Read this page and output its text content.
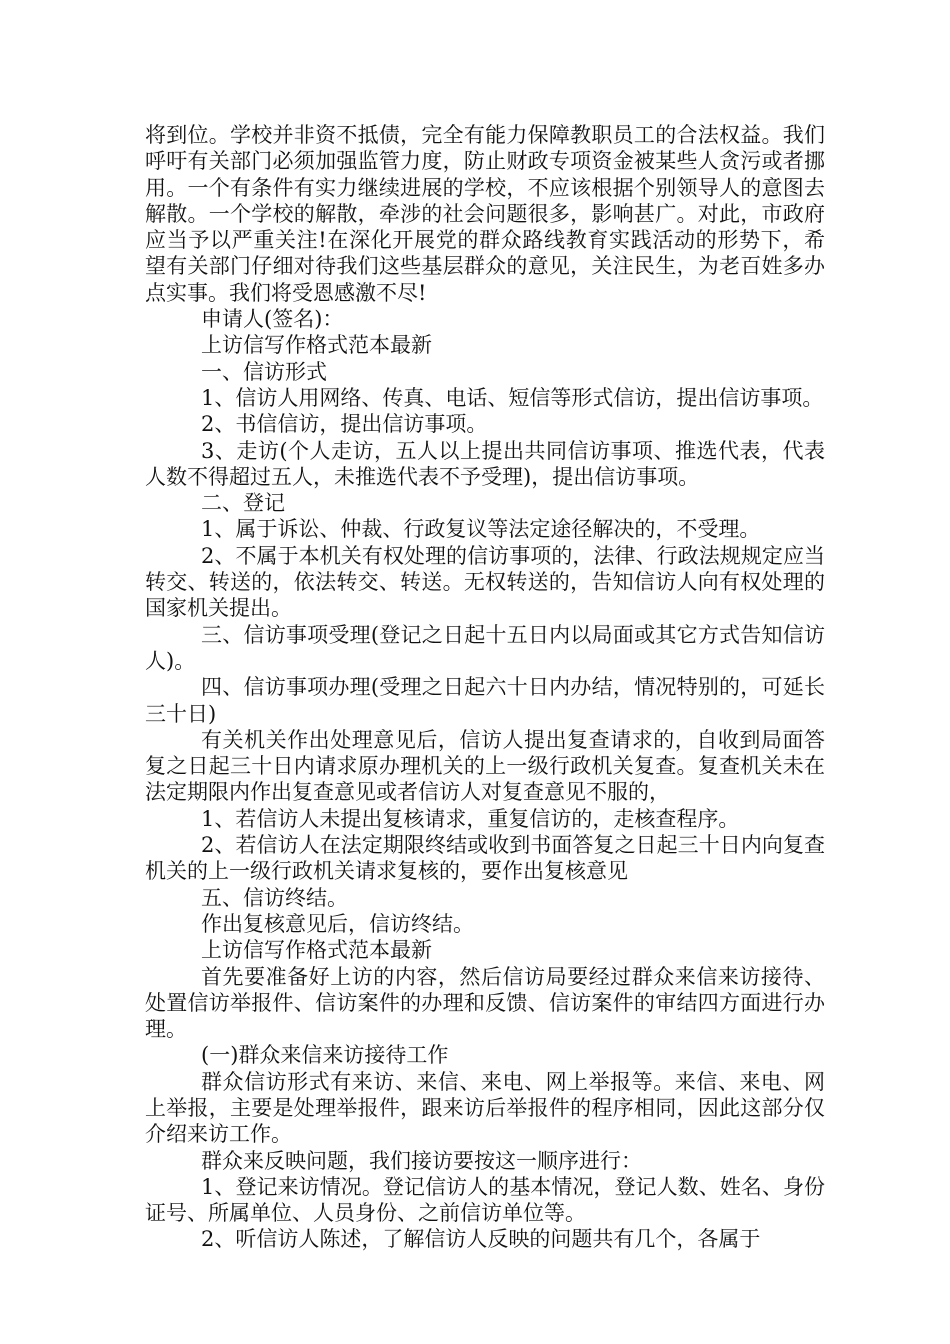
将到位。学校并非资不抵债，完全有能力保障教职员工的合法权益。我们呼吁有关部门必须加强监管力度，防止财政专项资金被某些人贪污或者挪用。一个有条件有实力继续进展的学校，不应该根据个别领导人的意图去解散。一个学校的解散，牵涉的社会问题很多，影响甚广。对此，市政府应当予以严重关注!在深化开展党的群众路线教育实践活动的形势下，希望有关部门仔细对待我们这些基层群众的意见，关注民生，为老百姓多办点实事。我们将受恩感激不尽!

申请人(签名)：

上访信写作格式范本最新

一、信访形式

1、信访人用网络、传真、电话、短信等形式信访，提出信访事项。

2、书信信访，提出信访事项。

3、走访(个人走访，五人以上提出共同信访事项、推选代表，代表人数不得超过五人，未推选代表不予受理)，提出信访事项。

二、登记

1、属于诉讼、仲裁、行政复议等法定途径解决的，不受理。

2、不属于本机关有权处理的信访事项的，法律、行政法规规定应当转交、转送的，依法转交、转送。无权转送的，告知信访人向有权处理的国家机关提出。

三、信访事项受理(登记之日起十五日内以局面或其它方式告知信访人)。

四、信访事项办理(受理之日起六十日内办结，情况特别的，可延长三十日)

有关机关作出处理意见后，信访人提出复查请求的，自收到局面答复之日起三十日内请求原办理机关的上一级行政机关复查。复查机关未在法定期限内作出复查意见或者信访人对复查意见不服的，

1、若信访人未提出复核请求，重复信访的，走核查程序。

2、若信访人在法定期限终结或收到书面答复之日起三十日内向复查机关的上一级行政机关请求复核的，要作出复核意见

五、信访终结。

作出复核意见后，信访终结。

上访信写作格式范本最新

首先要准备好上访的内容，然后信访局要经过群众来信来访接待、处置信访举报件、信访案件的办理和反馈、信访案件的审结四方面进行办理。

(一)群众来信来访接待工作

群众信访形式有来访、来信、来电、网上举报等。来信、来电、网上举报，主要是处理举报件，跟来访后举报件的程序相同，因此这部分仅介绍来访工作。

群众来反映问题，我们接访要按这一顺序进行：

1、登记来访情况。登记信访人的基本情况，登记人数、姓名、身份证号、所属单位、人员身份、之前信访单位等。

2、听信访人陈述，了解信访人反映的问题共有几个，各属于
